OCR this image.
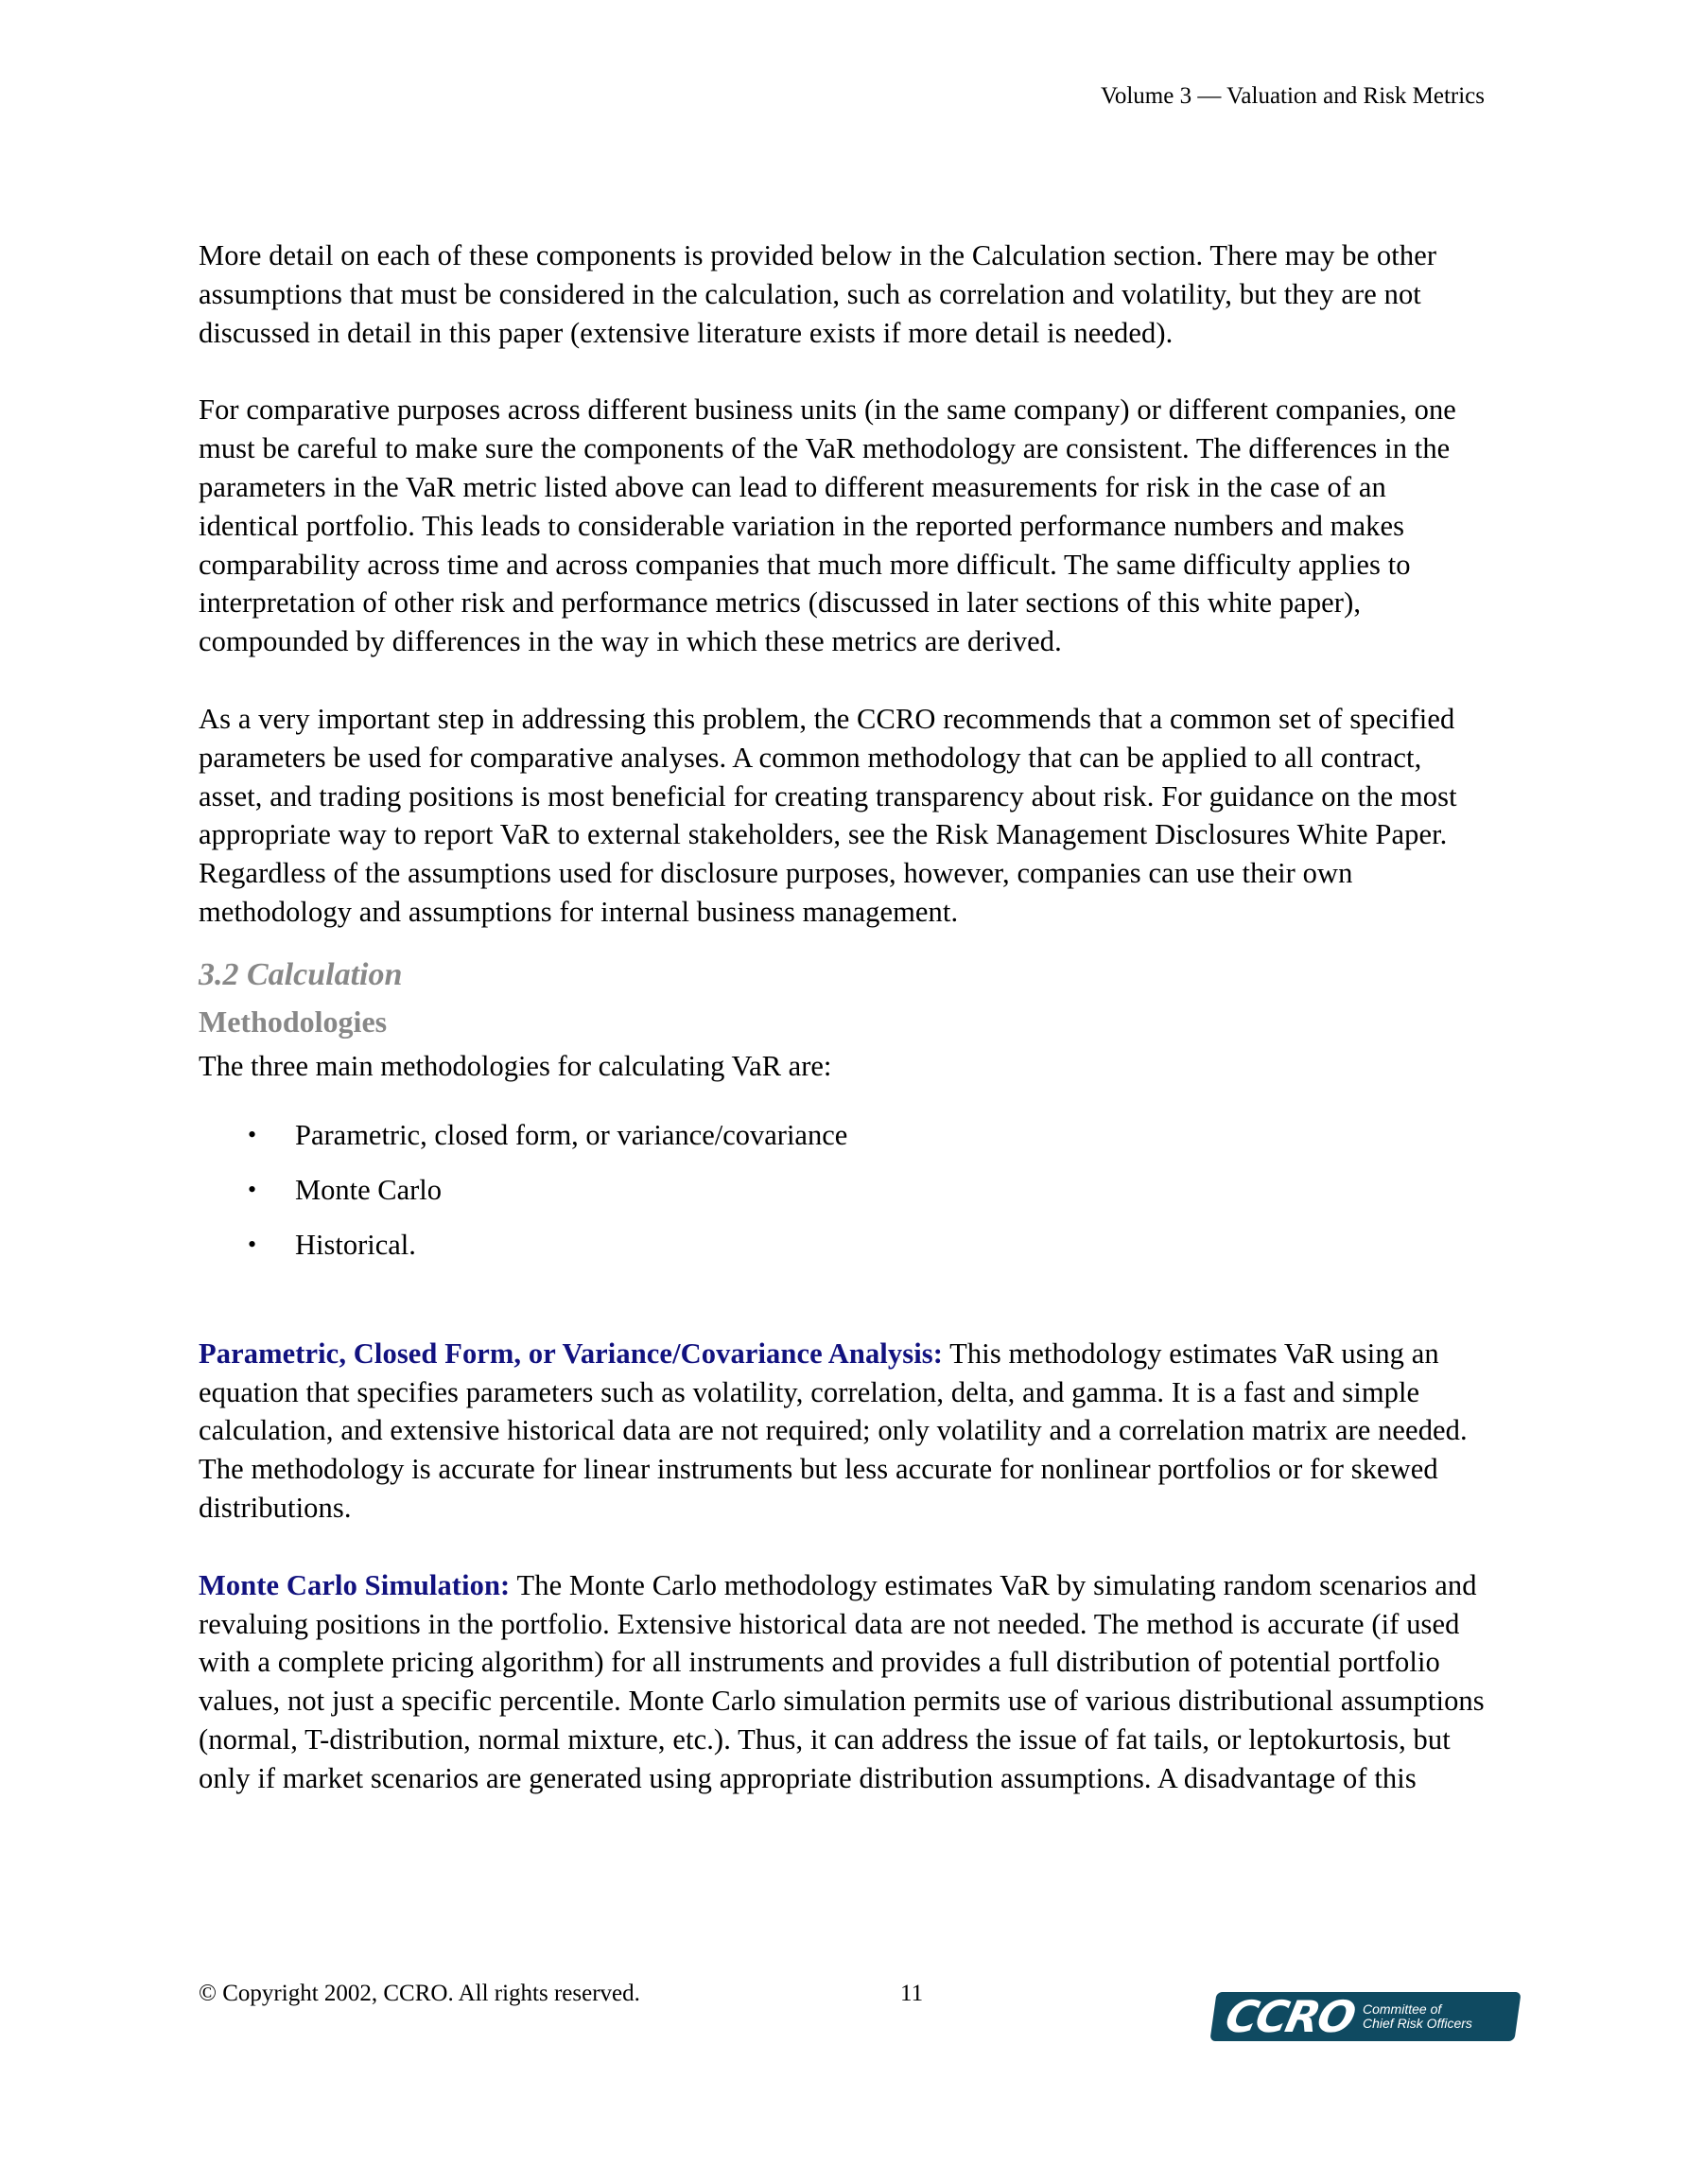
Volume 3 — Valuation and Risk Metrics

More detail on each of these components is provided below in the Calculation section. There may be other assumptions that must be considered in the calculation, such as correlation and volatility, but they are not discussed in detail in this paper (extensive literature exists if more detail is needed).

For comparative purposes across different business units (in the same company) or different companies, one must be careful to make sure the components of the VaR methodology are consistent. The differences in the parameters in the VaR metric listed above can lead to different measurements for risk in the case of an identical portfolio. This leads to considerable variation in the reported performance numbers and makes comparability across time and across companies that much more difficult. The same difficulty applies to interpretation of other risk and performance metrics (discussed in later sections of this white paper), compounded by differences in the way in which these metrics are derived.

As a very important step in addressing this problem, the CCRO recommends that a common set of specified parameters be used for comparative analyses. A common methodology that can be applied to all contract, asset, and trading positions is most beneficial for creating transparency about risk. For guidance on the most appropriate way to report VaR to external stakeholders, see the Risk Management Disclosures White Paper. Regardless of the assumptions used for disclosure purposes, however, companies can use their own methodology and assumptions for internal business management.

3.2 Calculation
Methodologies

The three main methodologies for calculating VaR are:

• Parametric, closed form, or variance/covariance
• Monte Carlo
• Historical.

Parametric, Closed Form, or Variance/Covariance Analysis: This methodology estimates VaR using an equation that specifies parameters such as volatility, correlation, delta, and gamma. It is a fast and simple calculation, and extensive historical data are not required; only volatility and a correlation matrix are needed. The methodology is accurate for linear instruments but less accurate for nonlinear portfolios or for skewed distributions.

Monte Carlo Simulation: The Monte Carlo methodology estimates VaR by simulating random scenarios and revaluing positions in the portfolio. Extensive historical data are not needed. The method is accurate (if used with a complete pricing algorithm) for all instruments and provides a full distribution of potential portfolio values, not just a specific percentile. Monte Carlo simulation permits use of various distributional assumptions (normal, T-distribution, normal mixture, etc.). Thus, it can address the issue of fat tails, or leptokurtosis, but only if market scenarios are generated using appropriate distribution assumptions. A disadvantage of this

© Copyright 2002, CCRO. All rights reserved.	11	CCRO Committee of
Chief Risk Officers
